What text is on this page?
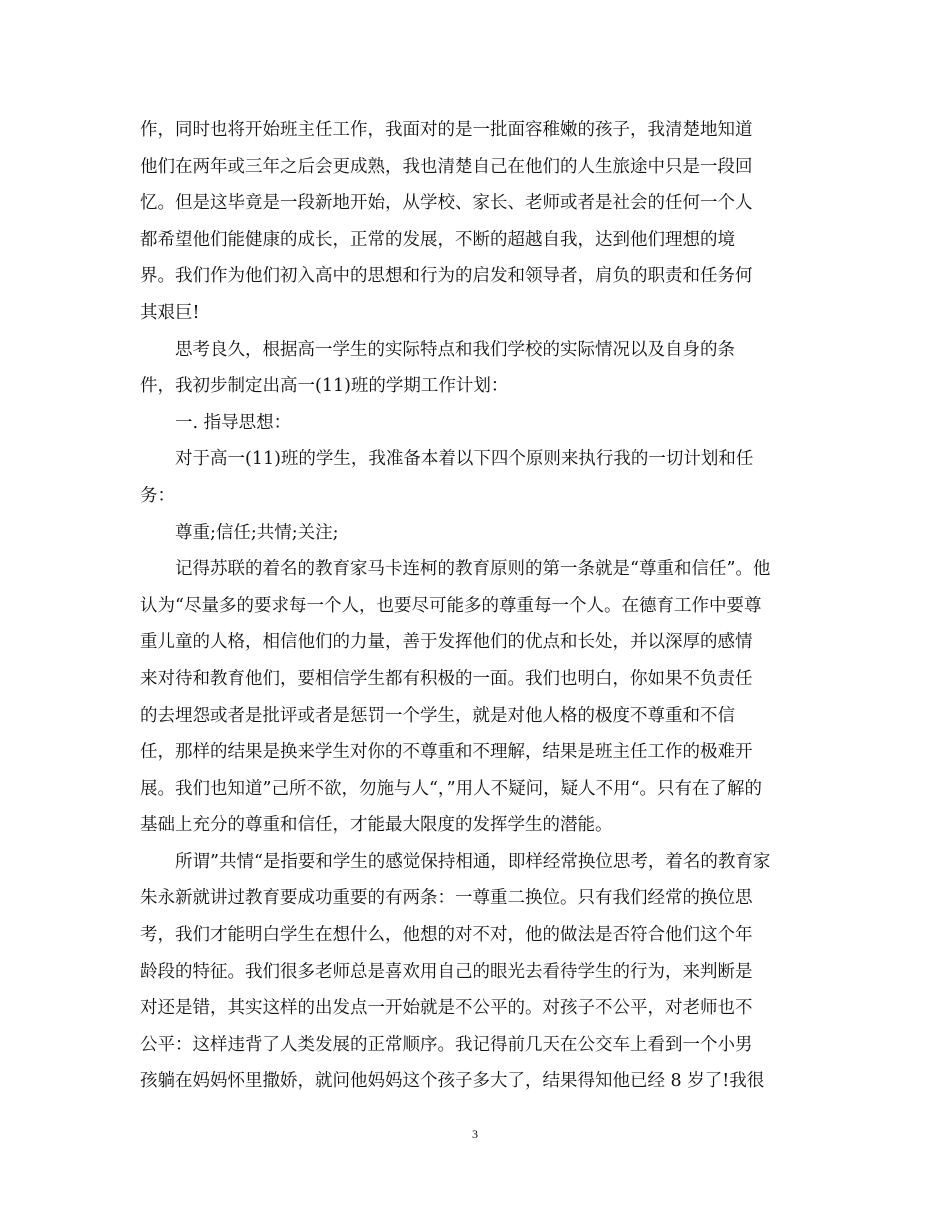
作，同时也将开始班主任工作，我面对的是一批面容稚嫩的孩子，我清楚地知道
他们在两年或三年之后会更成熟，我也清楚自己在他们的人生旅途中只是一段回
忆。但是这毕竟是一段新地开始，从学校、家长、老师或者是社会的任何一个人
都希望他们能健康的成长，正常的发展，不断的超越自我，达到他们理想的境
界。我们作为他们初入高中的思想和行为的启发和领导者，肩负的职责和任务何
其艰巨!
　　思考良久，根据高一学生的实际特点和我们学校的实际情况以及自身的条
件，我初步制定出高一(11)班的学期工作计划：
　　一. 指导思想：
　　对于高一(11)班的学生，我准备本着以下四个原则来执行我的一切计划和任
务：
　　尊重;信任;共情;关注;
　　记得苏联的着名的教育家马卡连柯的教育原则的第一条就是“尊重和信任”。他
认为“尽量多的要求每一个人，也要尽可能多的尊重每一个人。在德育工作中要尊
重儿童的人格，相信他们的力量，善于发挥他们的优点和长处，并以深厚的感情
来对待和教育他们，要相信学生都有积极的一面。我们也明白，你如果不负责任
的去埋怨或者是批评或者是惩罚一个学生，就是对他人格的极度不尊重和不信
任，那样的结果是换来学生对你的不尊重和不理解，结果是班主任工作的极难开
展。我们也知道”己所不欲，勿施与人“，”用人不疑问，疑人不用“。只有在了解的
基础上充分的尊重和信任，才能最大限度的发挥学生的潜能。
　　所谓”共情“是指要和学生的感觉保持相通，即样经常换位思考，着名的教育家
朱永新就讲过教育要成功重要的有两条：一尊重二换位。只有我们经常的换位思
考，我们才能明白学生在想什么，他想的对不对，他的做法是否符合他们这个年
龄段的特征。我们很多老师总是喜欢用自己的眼光去看待学生的行为，来判断是
对还是错，其实这样的出发点一开始就是不公平的。对孩子不公平，对老师也不
公平：这样违背了人类发展的正常顺序。我记得前几天在公交车上看到一个小男
孩躺在妈妈怀里撒娇，就问他妈妈这个孩子多大了，结果得知他已经 8 岁了!我很
3
